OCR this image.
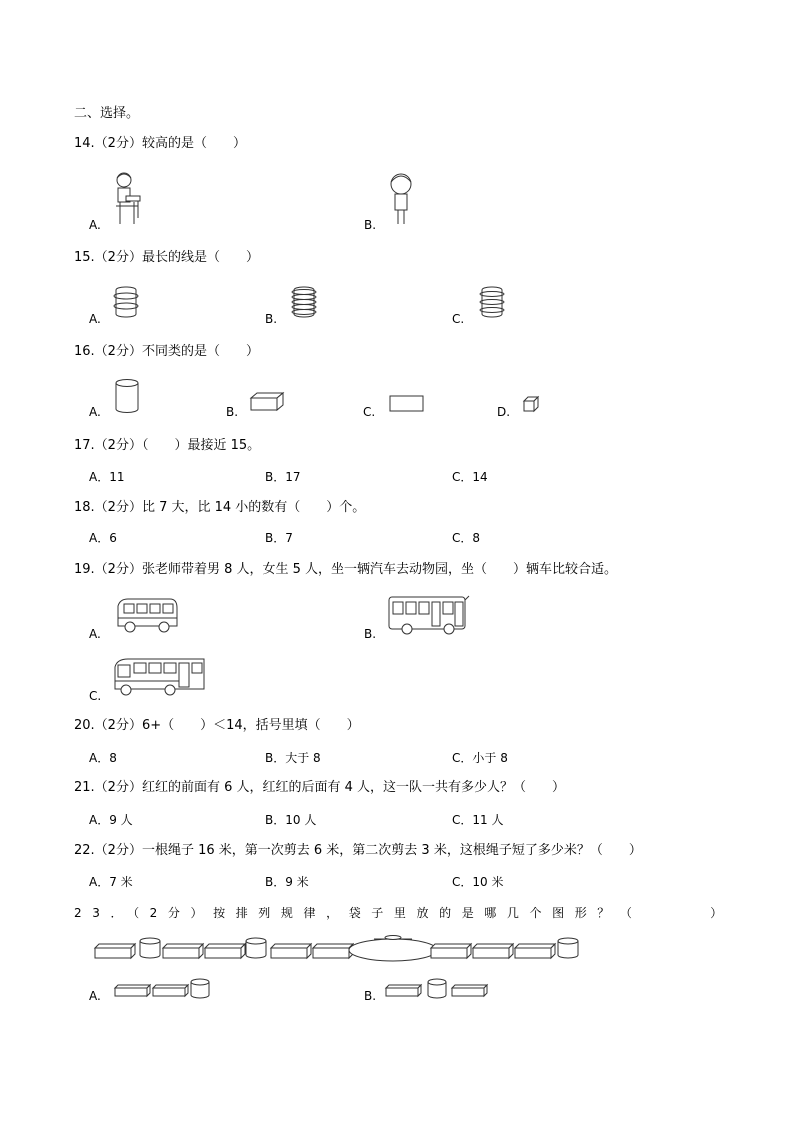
二、选择。
14.（2分）较高的是（　　）
A.	B.
15.（2分）最长的线是（　　）
A.	B.	C.
16.（2分）不同类的是（　　）
A.	B.	C.	D.
17.（2分）（　　）最接近 15。
A．11	B．17	C．14
18.（2分）比 7 大，比 14 小的数有（　　）个。
A．6	B．7	C．8
19.（2分）张老师带着男 8 人，女生 5 人，坐一辆汽车去动物园，坐（　　）辆车比较合适。
A.	B.
C.
20.（2分）6+（　　）＜14，括号里填（　　）
A．8	B．大于 8	C．小于 8
21.（2分）红红的前面有 6 人，红红的后面有 4 人，这一队一共有多少人？（　　）
A．9 人	B．10 人	C．11 人
22.（2分）一根绳子 16 米，第一次剪去 6 米，第二次剪去 3 米，这根绳子短了多少米？（　　）
A．7 米	B．9 米	C．10 米
23．（2分）按排列规律，袋子里放的是哪几个图形？（　　　）
A.	B.
